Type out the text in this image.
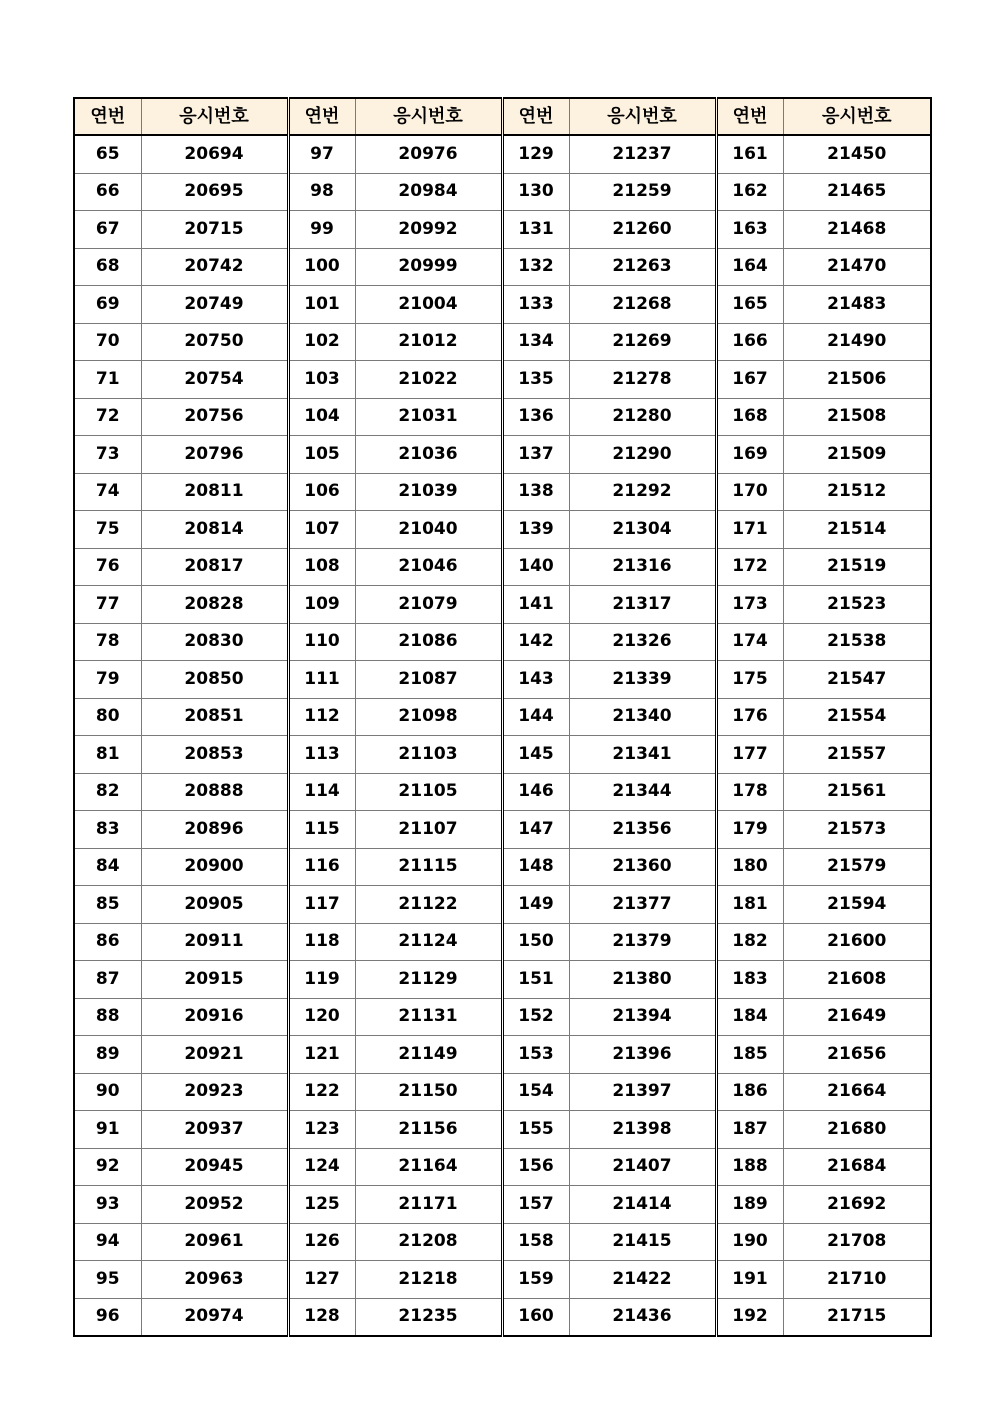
연번	응시번호	연번	응시번호	연번	응시번호	연번	응시번호
65	20694	97	20976	129	21237	161	21450
66	20695	98	20984	130	21259	162	21465
67	20715	99	20992	131	21260	163	21468
68	20742	100	20999	132	21263	164	21470
69	20749	101	21004	133	21268	165	21483
70	20750	102	21012	134	21269	166	21490
71	20754	103	21022	135	21278	167	21506
72	20756	104	21031	136	21280	168	21508
73	20796	105	21036	137	21290	169	21509
74	20811	106	21039	138	21292	170	21512
75	20814	107	21040	139	21304	171	21514
76	20817	108	21046	140	21316	172	21519
77	20828	109	21079	141	21317	173	21523
78	20830	110	21086	142	21326	174	21538
79	20850	111	21087	143	21339	175	21547
80	20851	112	21098	144	21340	176	21554
81	20853	113	21103	145	21341	177	21557
82	20888	114	21105	146	21344	178	21561
83	20896	115	21107	147	21356	179	21573
84	20900	116	21115	148	21360	180	21579
85	20905	117	21122	149	21377	181	21594
86	20911	118	21124	150	21379	182	21600
87	20915	119	21129	151	21380	183	21608
88	20916	120	21131	152	21394	184	21649
89	20921	121	21149	153	21396	185	21656
90	20923	122	21150	154	21397	186	21664
91	20937	123	21156	155	21398	187	21680
92	20945	124	21164	156	21407	188	21684
93	20952	125	21171	157	21414	189	21692
94	20961	126	21208	158	21415	190	21708
95	20963	127	21218	159	21422	191	21710
96	20974	128	21235	160	21436	192	21715
